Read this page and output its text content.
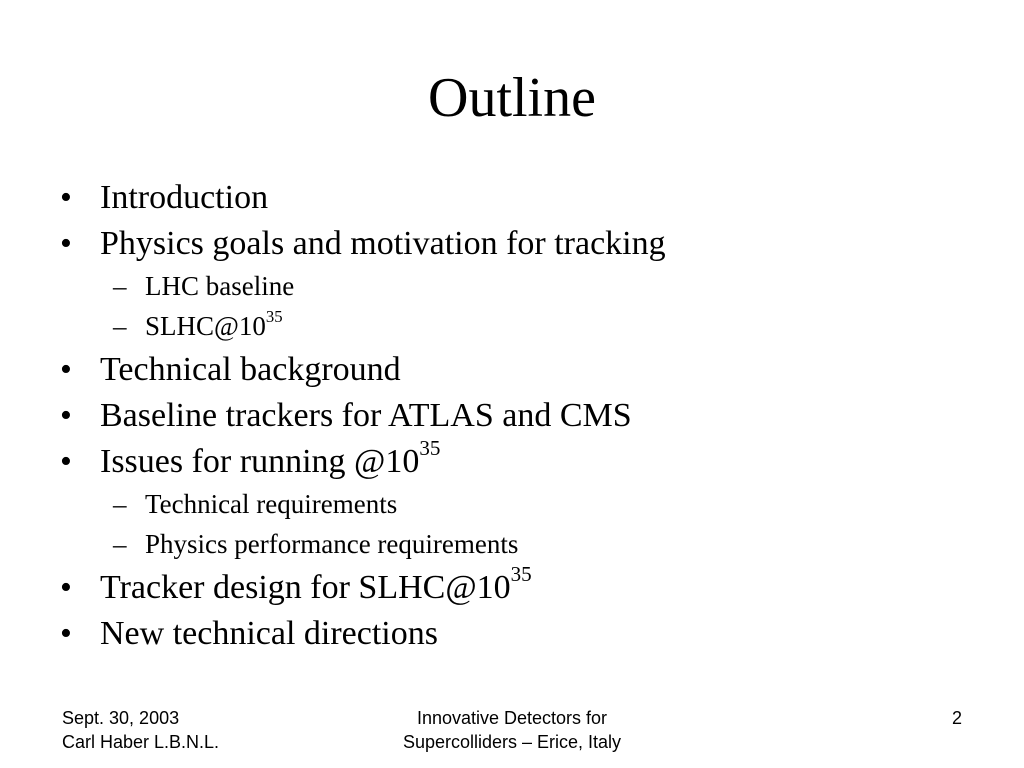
Outline
• Introduction
• Physics goals and motivation for tracking
– LHC baseline
– $SLHC@10^{35}$
• Technical background
• Baseline trackers for ATLAS and CMS
• Issues for running $@10^{35}$
– Technical requirements
– Physics performance requirements
• Tracker design for $SLHC@10^{35}$
• New technical directions
Sept. 30, 2003
Carl Haber L.B.N.L.
Innovative Detectors for
Supercolliders – Erice, Italy
2
